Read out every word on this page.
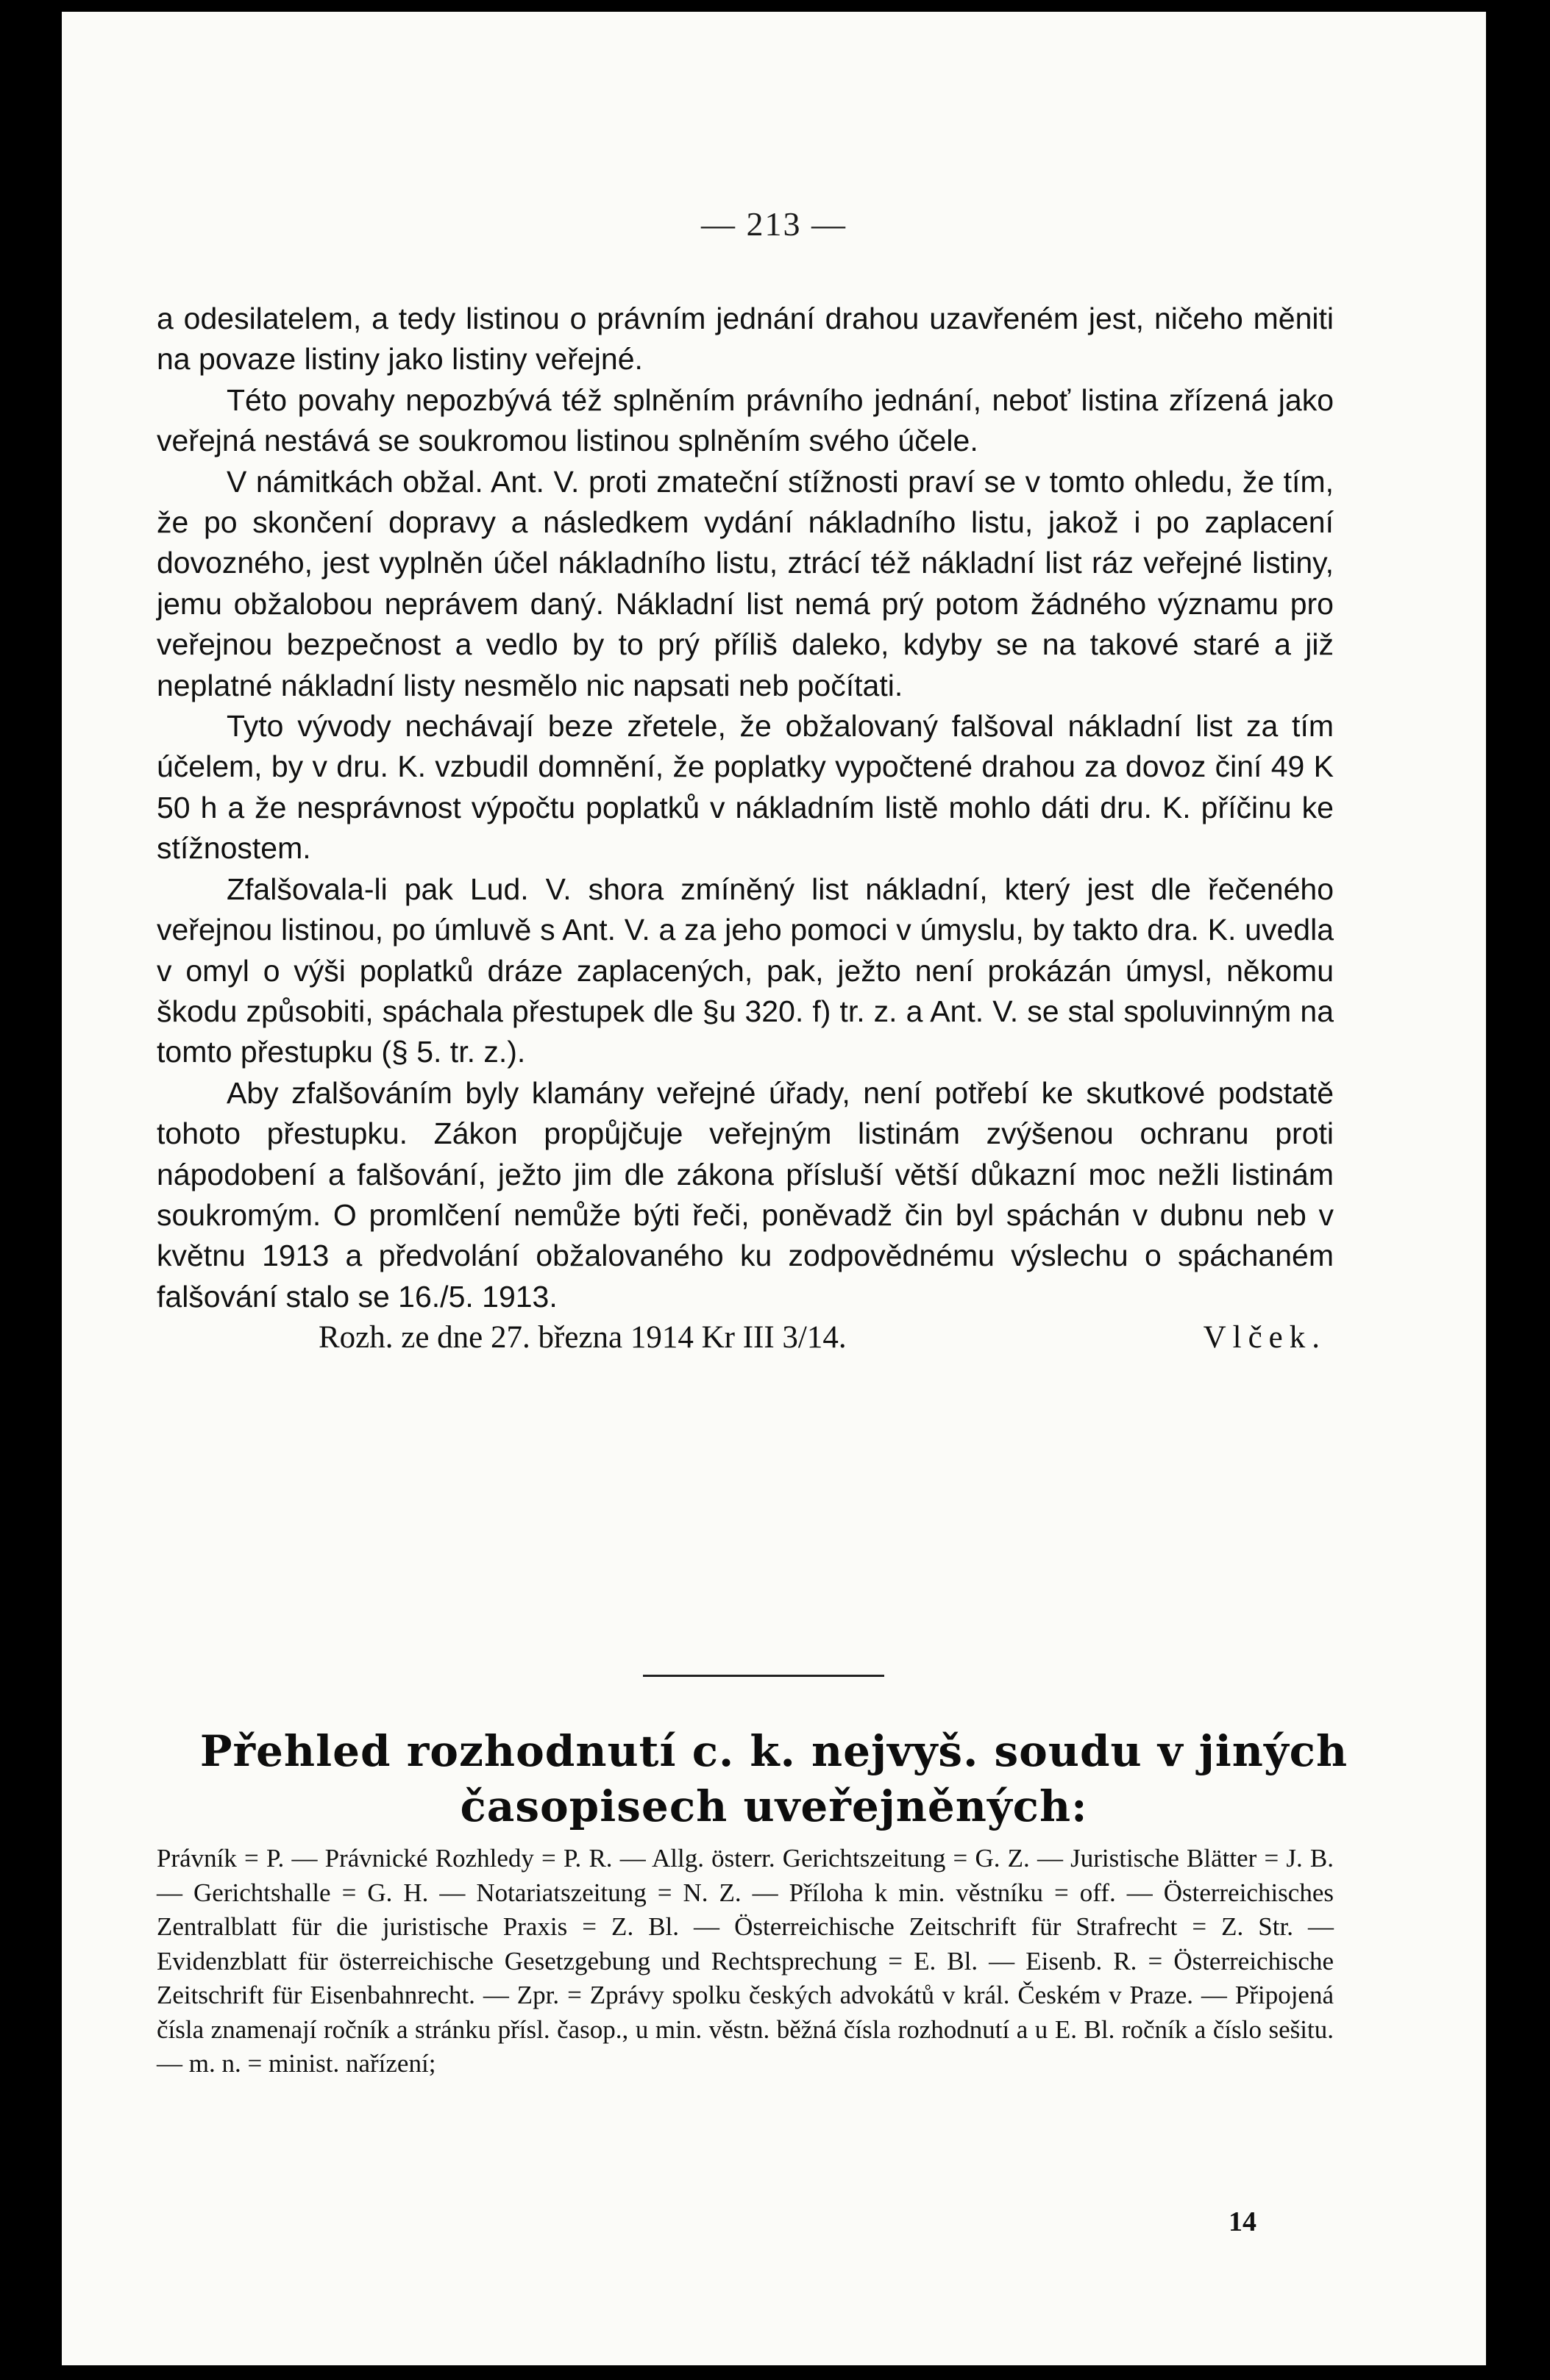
— 213 —

a odesilatelem, a tedy listinou o právním jednání drahou uzavřeném jest, ničeho měniti na povaze listiny jako listiny veřejné.

Této povahy nepozbývá též splněním právního jednání, neboť listina zřízená jako veřejná nestává se soukromou listinou splněním svého účele.

V námitkách obžal. Ant. V. proti zmateční stížnosti praví se v tomto ohledu, že tím, že po skončení dopravy a následkem vydání nákladního listu, jakož i po zaplacení dovozného, jest vyplněn účel nákladního listu, ztrácí též nákladní list ráz veřejné listiny, jemu obžalobou neprávem daný. Nákladní list nemá prý potom žádného významu pro veřejnou bezpečnost a vedlo by to prý příliš daleko, kdyby se na takové staré a již neplatné nákladní listy nesmělo nic napsati neb počítati.

Tyto vývody nechávají beze zřetele, že obžalovaný falšoval nákladní list za tím účelem, by v dru. K. vzbudil domnění, že poplatky vypočtené drahou za dovoz činí 49 K 50 h a že nesprávnost výpočtu poplatků v nákladním listě mohlo dáti dru. K. příčinu ke stížnostem.

Zfalšovala-li pak Lud. V. shora zmíněný list nákladní, který jest dle řečeného veřejnou listinou, po úmluvě s Ant. V. a za jeho pomoci v úmyslu, by takto dra. K. uvedla v omyl o výši poplatků dráze zaplacených, pak, ježto není prokázán úmysl, někomu škodu způsobiti, spáchala přestupek dle §u 320. f) tr. z. a Ant. V. se stal spoluvinným na tomto přestupku (§ 5. tr. z.).

Aby zfalšováním byly klamány veřejné úřady, není potřebí ke skutkové podstatě tohoto přestupku. Zákon propůjčuje veřejným listinám zvýšenou ochranu proti nápodobení a falšování, ježto jim dle zákona přísluší větší důkazní moc nežli listinám soukromým. O promlčení nemůže býti řeči, poněvadž čin byl spáchán v dubnu neb v květnu 1913 a předvolání obžalovaného ku zodpovědnému výslechu o spáchaném falšování stalo se 16./5. 1913.

Rozh. ze dne 27. března 1914 Kr III 3/14.	Vlček.

Přehled rozhodnutí c. k. nejvyš. soudu v jiných
časopisech uveřejněných:

Právník = P. — Právnické Rozhledy = P. R. — Allg. österr. Gerichtszeitung = G. Z. — Juristische Blätter = J. B. — Gerichtshalle = G. H. — Notariatszeitung = N. Z. — Příloha k min. věstníku = off. — Österreichisches Zentralblatt für die juristische Praxis = Z. Bl. — Österreichische Zeitschrift für Strafrecht = Z. Str. — Evidenzblatt für österreichische Gesetzgebung und Rechtsprechung = E. Bl. — Eisenb. R. = Österreichische Zeitschrift für Eisenbahnrecht. — Zpr. = Zprávy spolku českých advokátů v král. Českém v Praze. — Připojená čísla znamenají ročník a stránku přísl. časop., u min. věstn. běžná čísla rozhodnutí a u E. Bl. ročník a číslo sešitu. — m. n. = minist. nařízení;

14
